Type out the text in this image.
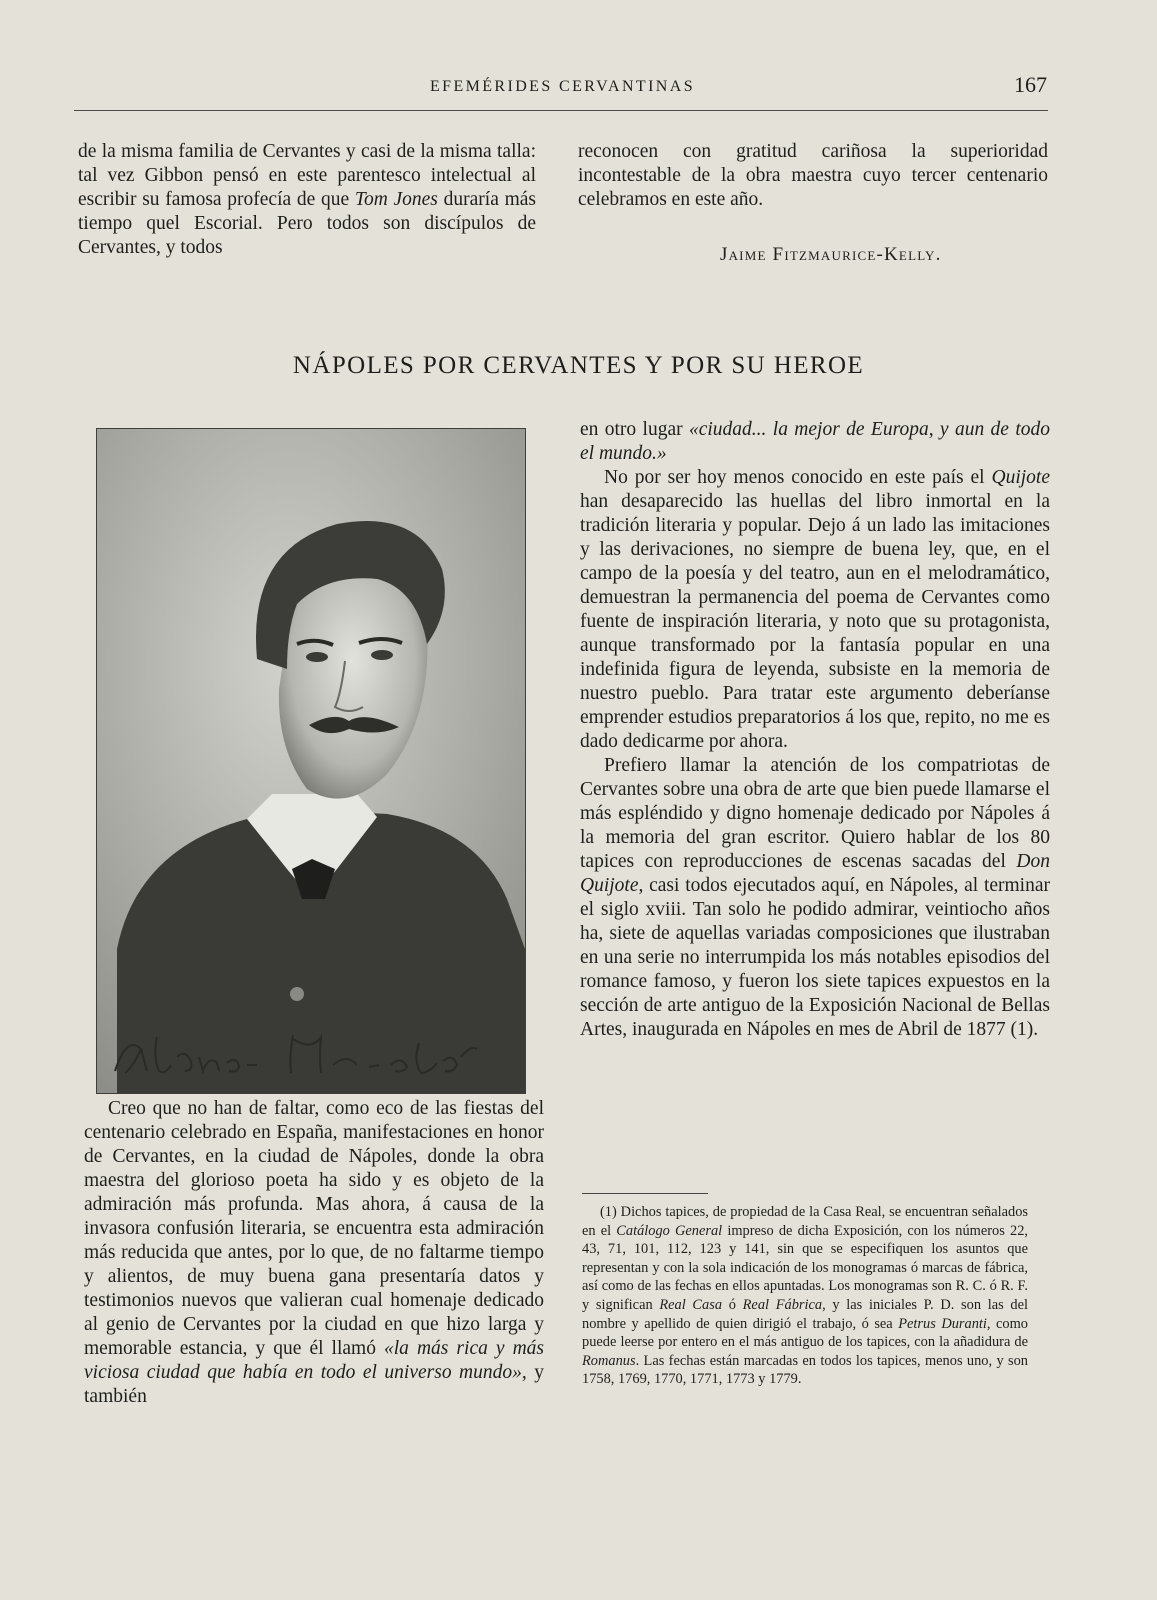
EFEMÉRIDES CERVANTINAS	167

de la misma familia de Cervantes y casi de la misma talla: tal vez Gibbon pensó en este parentesco intelectual al escribir su famosa profecía de que Tom Jones duraría más tiempo quel Escorial. Pero todos son discípulos de Cervantes, y todos

reconocen con gratitud cariñosa la superioridad incontestable de la obra maestra cuyo tercer centenario celebramos en este año.

Jaime Fitzmaurice-Kelly.
NÁPOLES POR CERVANTES Y POR SU HEROE

Creo que no han de faltar, como eco de las fiestas del centenario celebrado en España, manifestaciones en honor de Cervantes, en la ciudad de Nápoles, donde la obra maestra del glorioso poeta ha sido y es objeto de la admiración más profunda. Mas ahora, á causa de la invasora confusión literaria, se encuentra esta admiración más reducida que antes, por lo que, de no faltarme tiempo y alientos, de muy buena gana presentaría datos y testimonios nuevos que valieran cual homenaje dedicado al genio de Cervantes por la ciudad en que hizo larga y memorable estancia, y que él llamó «la más rica y más viciosa ciudad que había en todo el universo mundo», y también

en otro lugar «ciudad... la mejor de Europa, y aun de todo el mundo.»

No por ser hoy menos conocido en este país el Quijote han desaparecido las huellas del libro inmortal en la tradición literaria y popular. Dejo á un lado las imitaciones y las derivaciones, no siempre de buena ley, que, en el campo de la poesía y del teatro, aun en el melodramático, demuestran la permanencia del poema de Cervantes como fuente de inspiración literaria, y noto que su protagonista, aunque transformado por la fantasía popular en una indefinida figura de leyenda, subsiste en la memoria de nuestro pueblo. Para tratar este argumento deberíanse emprender estudios preparatorios á los que, repito, no me es dado dedicarme por ahora.

Prefiero llamar la atención de los compatriotas de Cervantes sobre una obra de arte que bien puede llamarse el más espléndido y digno homenaje dedicado por Nápoles á la memoria del gran escritor. Quiero hablar de los 80 tapices con reproducciones de escenas sacadas del Don Quijote, casi todos ejecutados aquí, en Nápoles, al terminar el siglo xviii. Tan solo he podido admirar, veintiocho años ha, siete de aquellas variadas composiciones que ilustraban en una serie no interrumpida los más notables episodios del romance famoso, y fueron los siete tapices expuestos en la sección de arte antiguo de la Exposición Nacional de Bellas Artes, inaugurada en Nápoles en mes de Abril de 1877 (1).

(1) Dichos tapices, de propiedad de la Casa Real, se encuentran señalados en el Catálogo General impreso de dicha Exposición, con los números 22, 43, 71, 101, 112, 123 y 141, sin que se especifiquen los asuntos que representan y con la sola indicación de los monogramas ó marcas de fábrica, así como de las fechas en ellos apuntadas. Los monogramas son R. C. ó R. F. y significan Real Casa ó Real Fábrica, y las iniciales P. D. son las del nombre y apellido de quien dirigió el trabajo, ó sea Petrus Duranti, como puede leerse por entero en el más antiguo de los tapices, con la añadidura de Romanus. Las fechas están marcadas en todos los tapices, menos uno, y son 1758, 1769, 1770, 1771, 1773 y 1779.
